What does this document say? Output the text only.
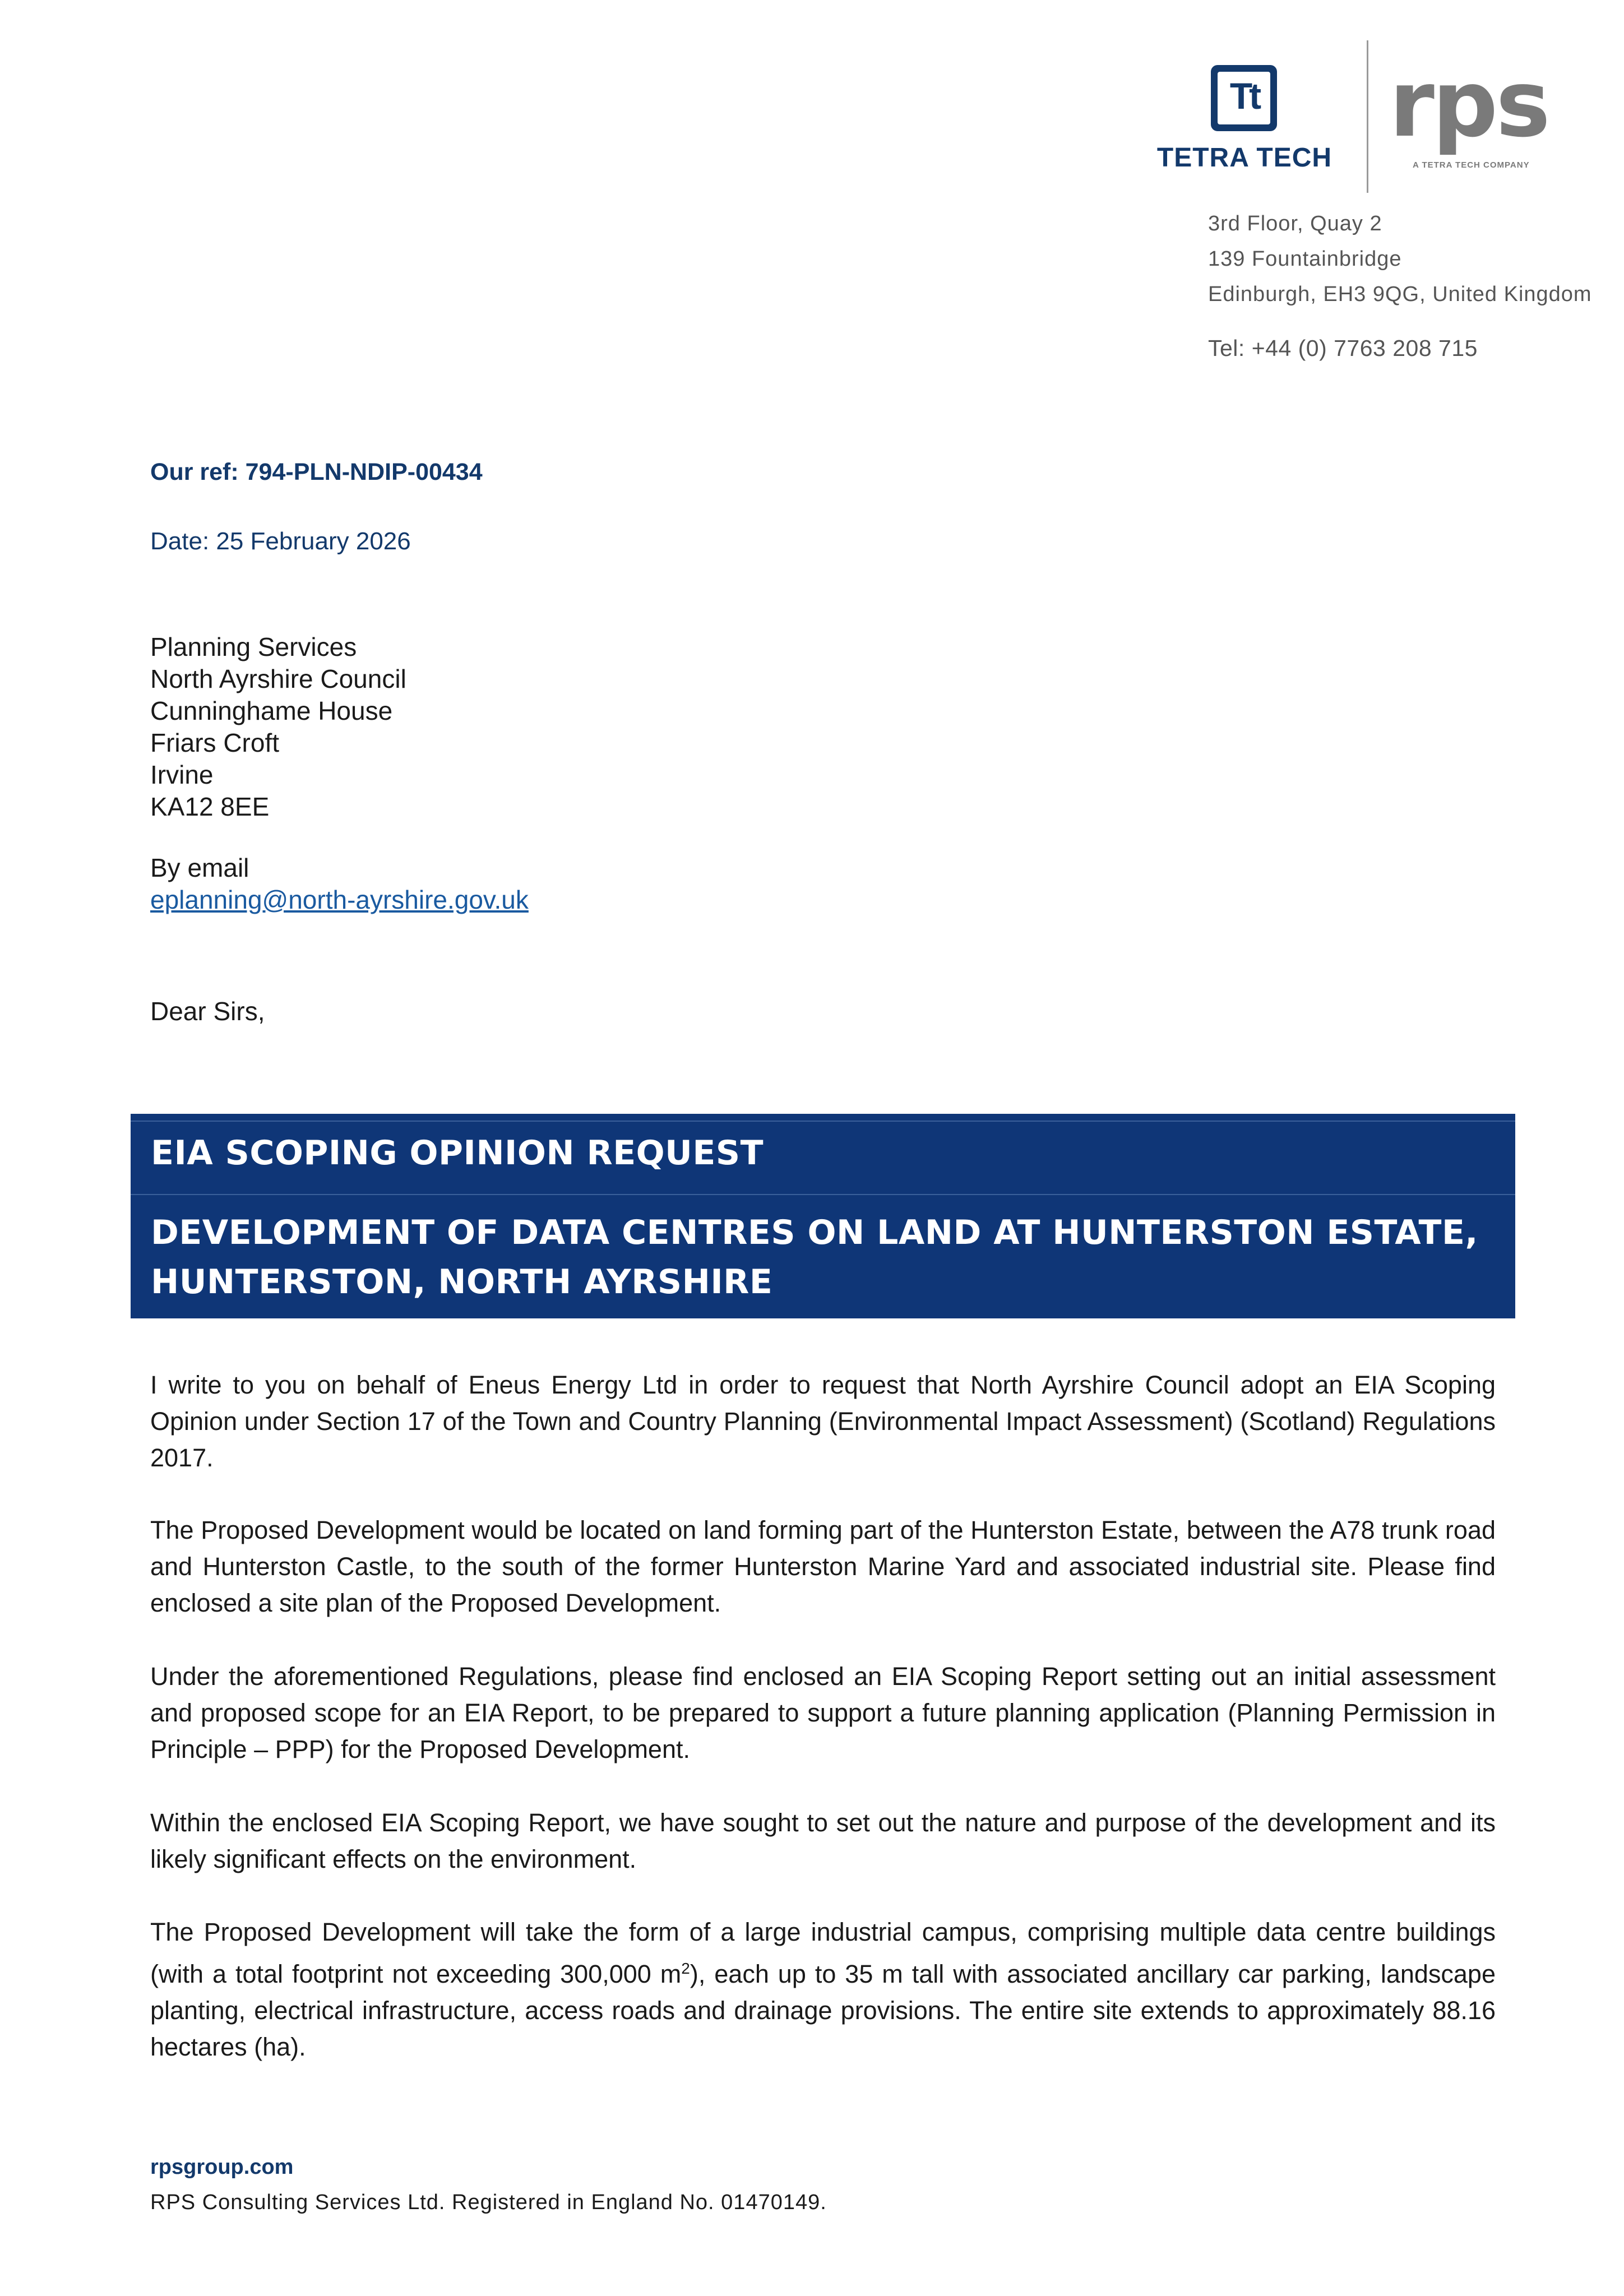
Tt
TETRA TECH
rps
A TETRA TECH COMPANY
3rd Floor, Quay 2
139 Fountainbridge
Edinburgh, EH3 9QG, United Kingdom
Tel: +44 (0) 7763 208 715
Our ref: 794-PLN-NDIP-00434
Date: 25 February 2026
Planning Services
North Ayrshire Council
Cunninghame House
Friars Croft
Irvine
KA12 8EE
By email
eplanning@north-ayrshire.gov.uk
Dear Sirs,
EIA SCOPING OPINION REQUEST
DEVELOPMENT OF DATA CENTRES ON LAND AT HUNTERSTON ESTATE,
HUNTERSTON, NORTH AYRSHIRE

I write to you on behalf of Eneus Energy Ltd in order to request that North Ayrshire Council adopt an EIA Scoping Opinion under Section 17 of the Town and Country Planning (Environmental Impact Assessment) (Scotland) Regulations 2017.

The Proposed Development would be located on land forming part of the Hunterston Estate, between the A78 trunk road and Hunterston Castle, to the south of the former Hunterston Marine Yard and associated industrial site. Please find enclosed a site plan of the Proposed Development.

Under the aforementioned Regulations, please find enclosed an EIA Scoping Report setting out an initial assessment and proposed scope for an EIA Report, to be prepared to support a future planning application (Planning Permission in Principle – PPP) for the Proposed Development.

Within the enclosed EIA Scoping Report, we have sought to set out the nature and purpose of the development and its likely significant effects on the environment.

The Proposed Development will take the form of a large industrial campus, comprising multiple data centre buildings (with a total footprint not exceeding 300,000 $m^2$), each up to 35 m tall with associated ancillary car parking, landscape planting, electrical infrastructure, access roads and drainage provisions. The entire site extends to approximately 88.16 hectares (ha).

rpsgroup.com
RPS Consulting Services Ltd. Registered in England No. 01470149.
